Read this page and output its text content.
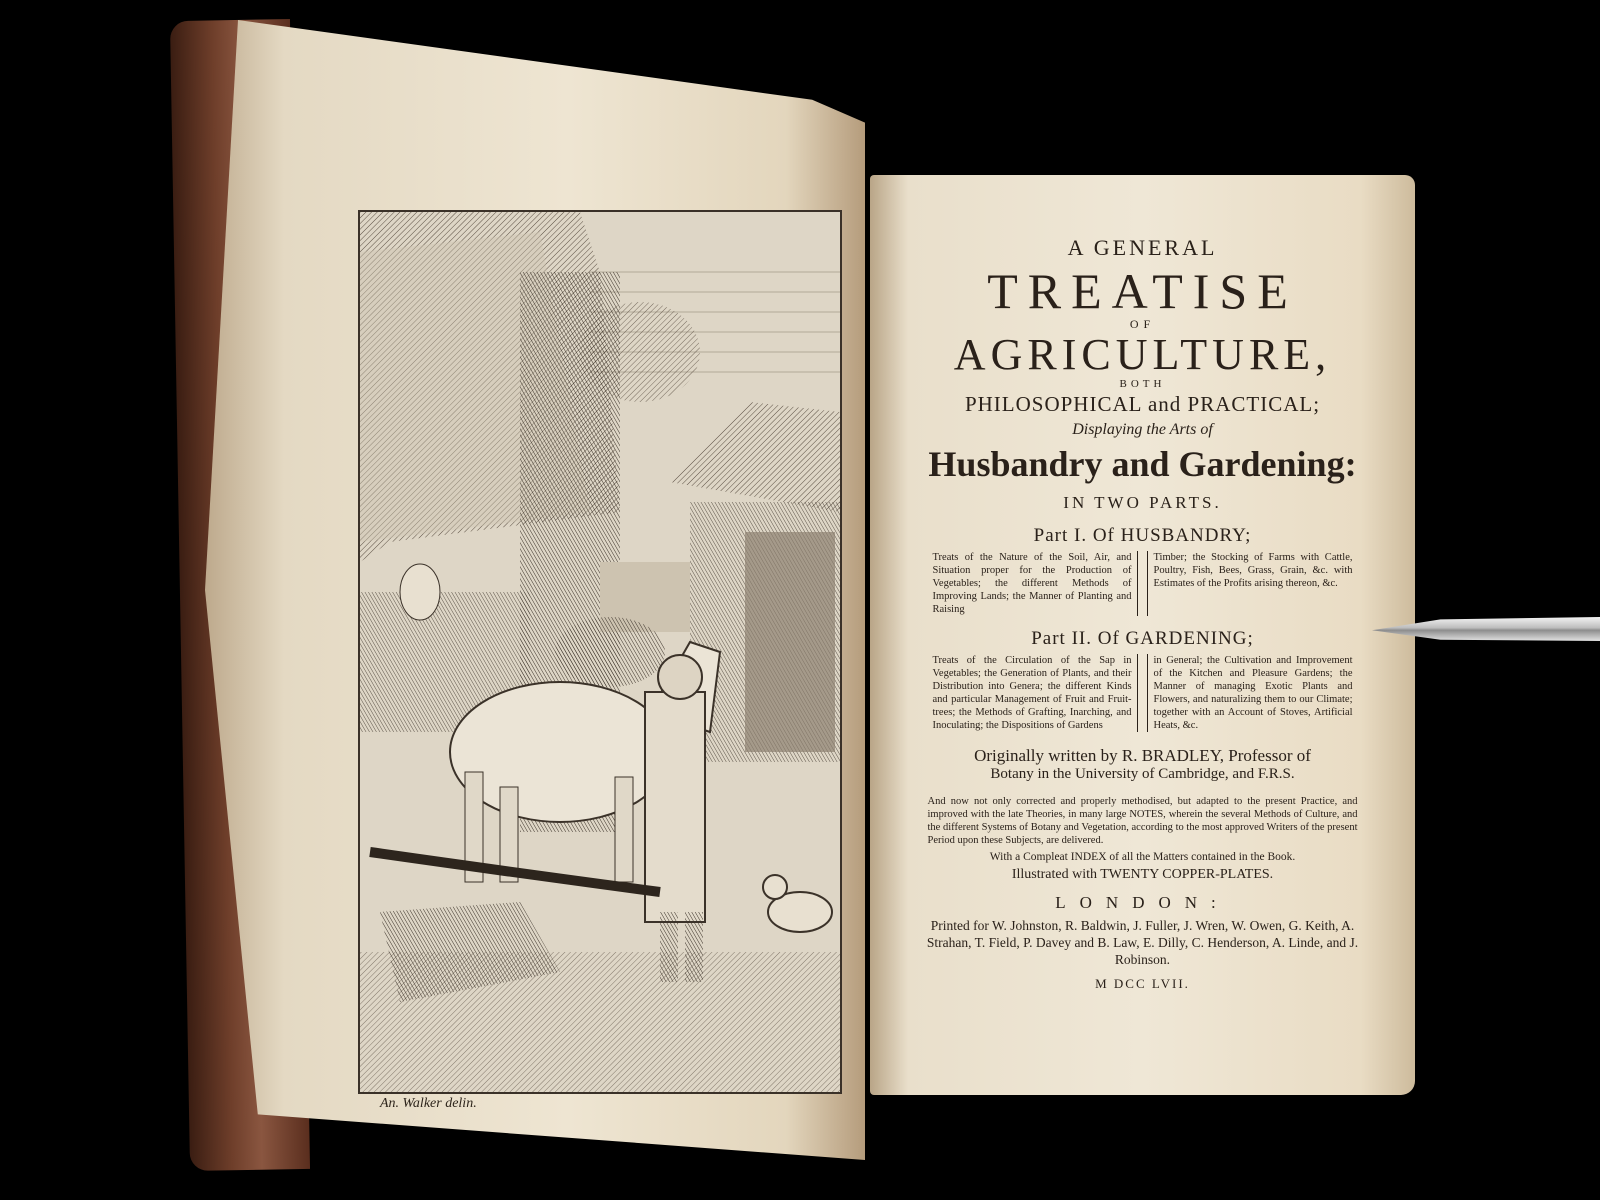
An. Walker delin.
A GENERAL
TREATISE
OF
AGRICULTURE,
BOTH
PHILOSOPHICAL and PRACTICAL;
Displaying the Arts of
Husbandry and Gardening:
IN TWO PARTS.
Part I. Of HUSBANDRY;
Treats of the Nature of the Soil, Air, and Situation proper for the Production of Vegetables; the different Methods of Improving Lands; the Manner of Planting and Raising
Timber; the Stocking of Farms with Cattle, Poultry, Fish, Bees, Grass, Grain, &c. with Estimates of the Profits arising thereon, &c.
Part II. Of GARDENING;
Treats of the Circulation of the Sap in Vegetables; the Generation of Plants, and their Distribution into Genera; the different Kinds and particular Management of Fruit and Fruit-trees; the Methods of Grafting, Inarching, and Inoculating; the Dispositions of Gardens
in General; the Cultivation and Improvement of the Kitchen and Pleasure Gardens; the Manner of managing Exotic Plants and Flowers, and naturalizing them to our Climate; together with an Account of Stoves, Artificial Heats, &c.
Originally written by R. BRADLEY, Professor of
Botany in the University of Cambridge, and F.R.S.
And now not only corrected and properly methodised, but adapted to the present Practice, and improved with the late Theories, in many large NOTES, wherein the several Methods of Culture, and the different Systems of Botany and Vegetation, according to the most approved Writers of the present Period upon these Subjects, are delivered.
With a Compleat INDEX of all the Matters contained in the Book.
Illustrated with TWENTY COPPER-PLATES.
LONDON:
Printed for W. Johnston, R. Baldwin, J. Fuller, J. Wren, W. Owen, G. Keith, A. Strahan, T. Field, P. Davey and B. Law, E. Dilly, C. Henderson, A. Linde, and J. Robinson.
M DCC LVII.
